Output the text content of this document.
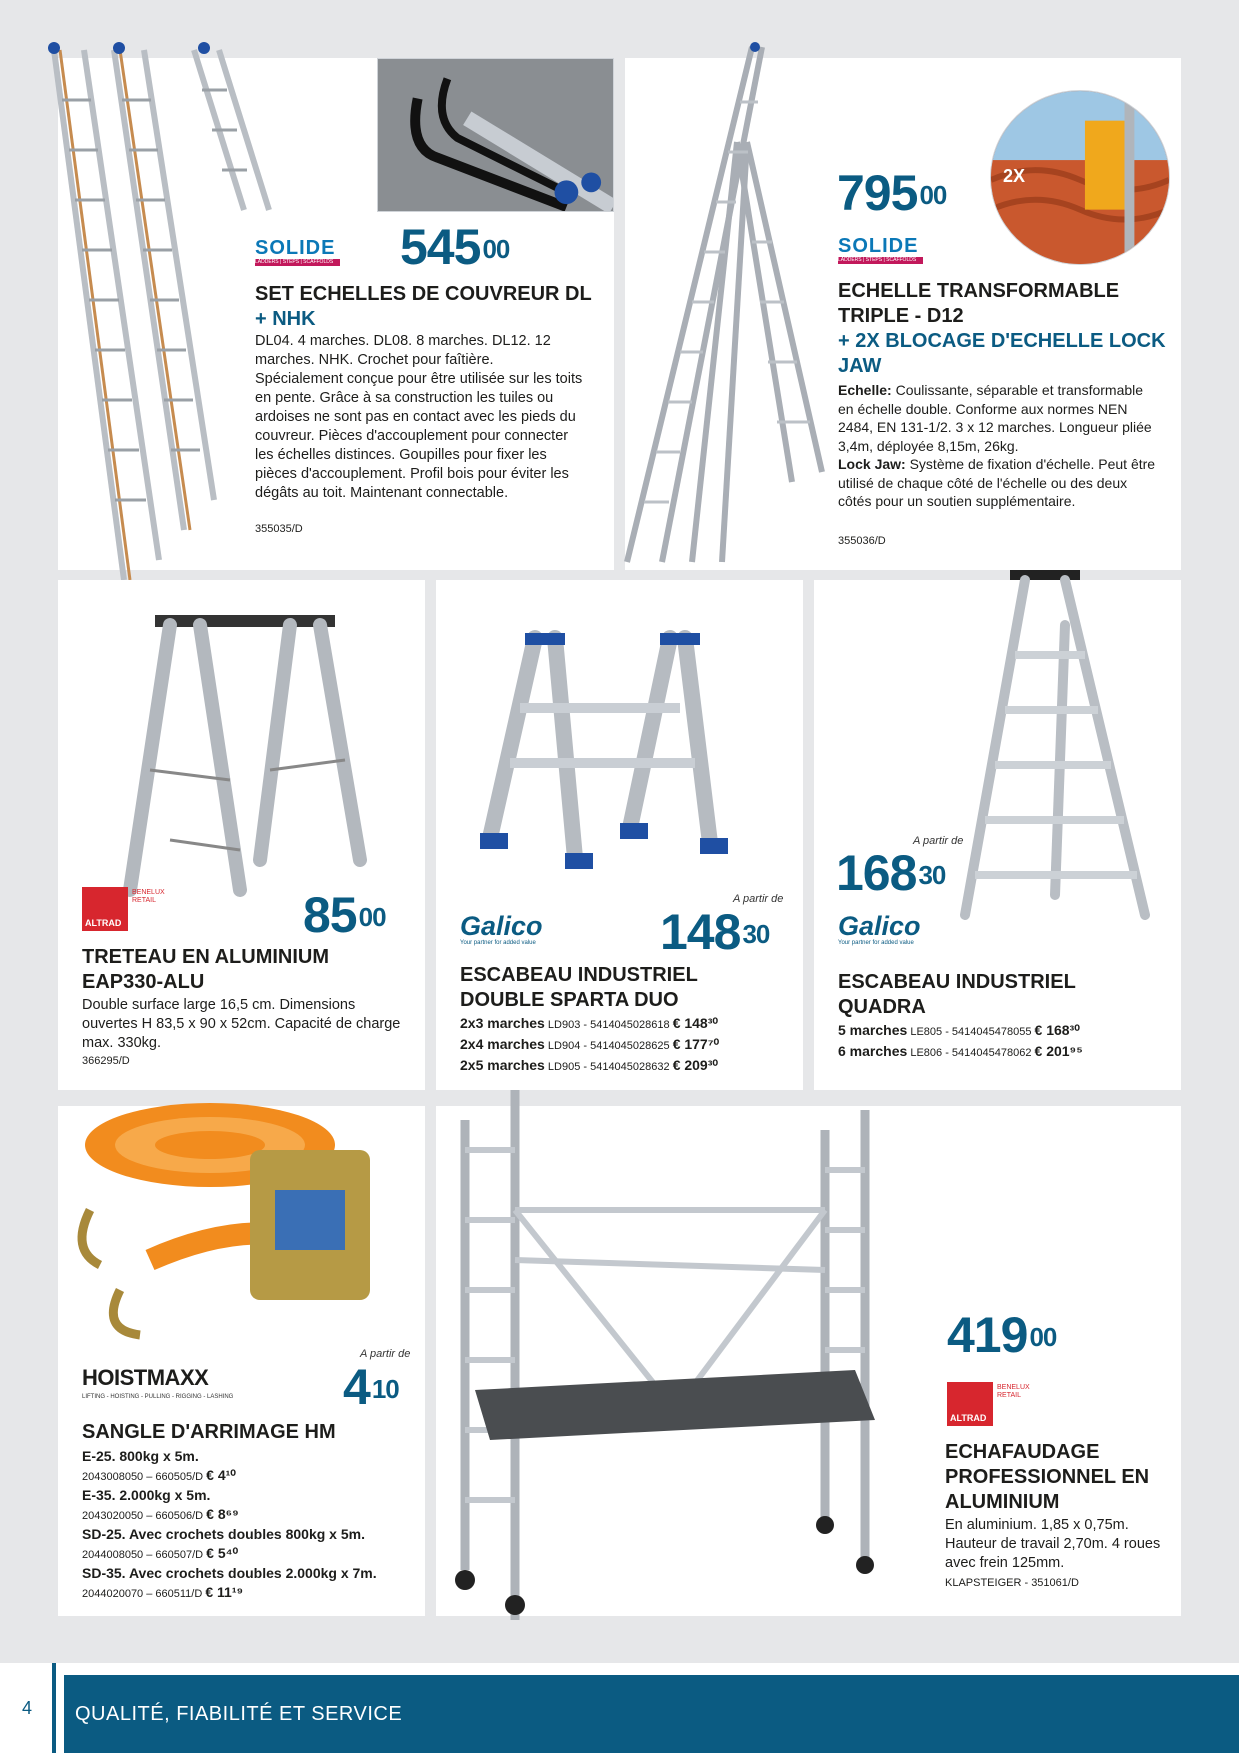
SOLIDE
LADDERS | STEPS | SCAFFOLDS $545^{00}$
SET ECHELLES DE COUVREUR DL + NHK
DL04. 4 marches. DL08. 8 marches. DL12. 12 marches. NHK. Crochet pour faîtière. Spécialement conçue pour être utilisée sur les toits en pente. Grâce à sa construction les tuiles ou ardoises ne sont pas en contact avec les pieds du couvreur. Pièces d'accouplement pour connecter les échelles distinces. Goupilles pour fixer les pièces d'accouplement. Profil bois pour éviter les dégâts au toit. Maintenant connectable.
355035/D
$795^{00}$
2X
SOLIDE
LADDERS | STEPS | SCAFFOLDS
ECHELLE TRANSFORMABLE TRIPLE - D12
+ 2X BLOCAGE D'ECHELLE LOCK JAW
Echelle: Coulissante, séparable et transformable en échelle double. Conforme aux normes NEN 2484, EN 131-1/2. 3 x 12 marches. Longueur pliée 3,4m, déployée 8,15m, 26kg.
Lock Jaw: Système de fixation d'échelle. Peut être utilisé de chaque côté de l'échelle ou des deux côtés pour un soutien supplémentaire.
355036/D
ALTRAD
BENELUX RETAIL	$85^{00}$
TRETEAU EN ALUMINIUM EAP330-ALU
Double surface large 16,5 cm. Dimensions ouvertes H 83,5 x 90 x 52cm. Capacité de charge max. 330kg.
366295/D
Galico
Your partner for added value
A partir de
$148^{30}$
ESCABEAU INDUSTRIEL DOUBLE SPARTA DUO
2x3 marches LD903 - 5414045028618 € 148³⁰
2x4 marches LD904 - 5414045028625 € 177⁷⁰
2x5 marches LD905 - 5414045028632 € 209³⁰
A partir de
$168^{30}$
Galico
Your partner for added value
ESCABEAU INDUSTRIEL QUADRA
5 marches LE805 - 5414045478055 € 168³⁰
6 marches LE806 - 5414045478062 € 201⁹⁵
HOISTMAXX
LIFTING - HOISTING - PULLING - RIGGING - LASHING
A partir de
$4^{10}$
SANGLE D'ARRIMAGE HM
E-25. 800kg x 5m.
2043008050 – 660505/D € 4¹⁰
E-35. 2.000kg x 5m.
2043020050 – 660506/D € 8⁶⁹
SD-25. Avec crochets doubles 800kg x 5m.
2044008050 – 660507/D € 5⁴⁰
SD-35. Avec crochets doubles 2.000kg x 7m.
2044020070 – 660511/D € 11¹⁹
$419^{00}$
ALTRAD
BENELUX RETAIL
ECHAFAUDAGE PROFESSIONNEL EN ALUMINIUM
En aluminium. 1,85 x 0,75m. Hauteur de travail 2,70m. 4 roues avec frein 125mm.
KLAPSTEIGER - 351061/D
4 QUALITÉ, FIABILITÉ ET SERVICE
